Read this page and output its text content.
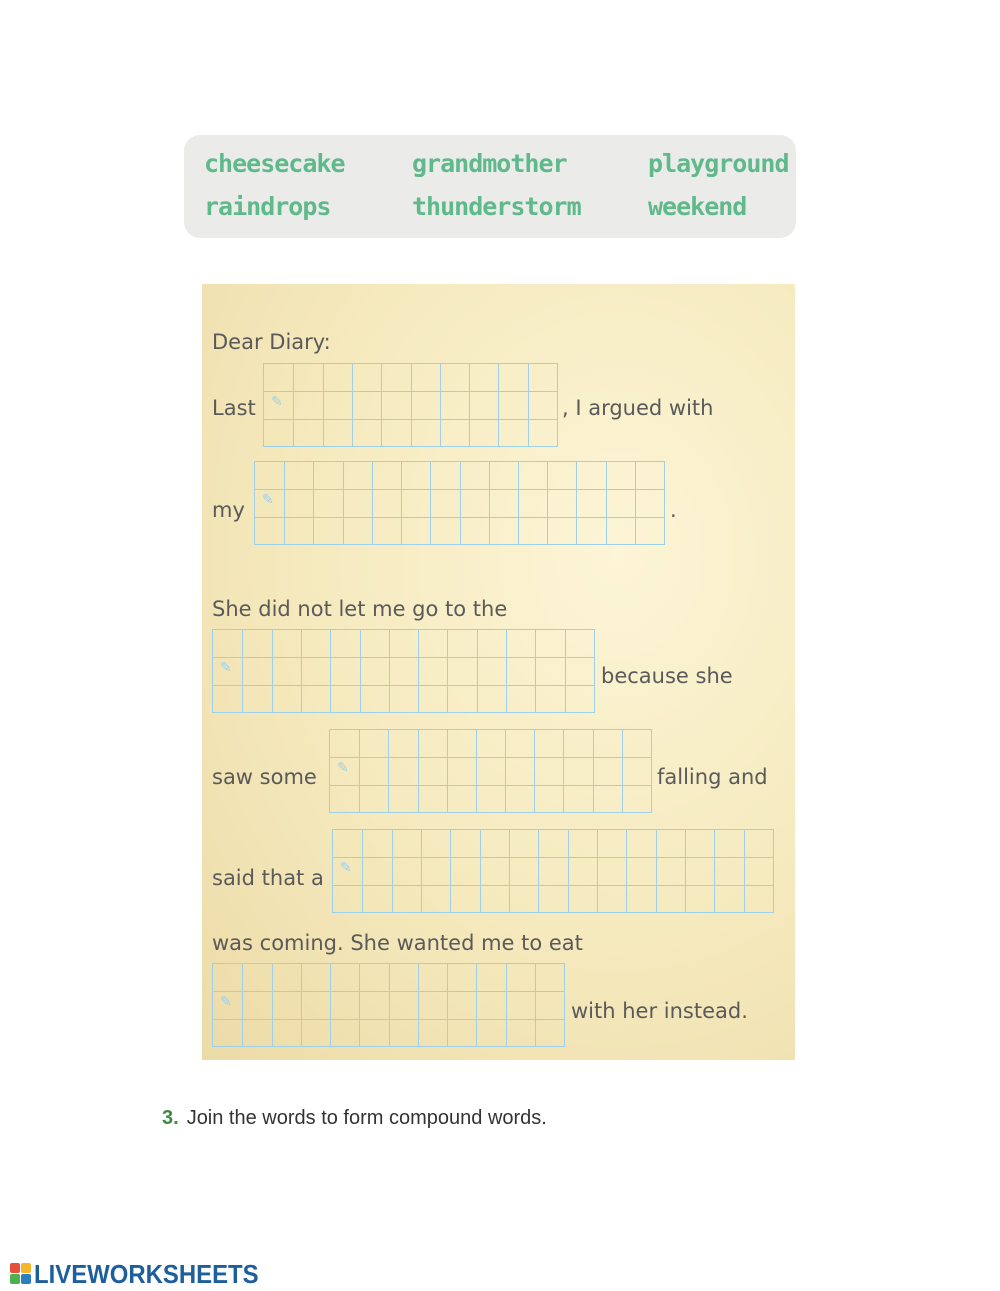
cheesecake	grandmother	playground
raindrops	thunderstorm	weekend
Dear Diary:
Last ✎	, I argued with
my ✎	.
She did not let me go to the
✎	because she
saw some ✎	falling and
said that a ✎
was coming. She wanted me to eat
✎	with her instead.
3. Join the words to form compound words.
LIVEWORKSHEETS
